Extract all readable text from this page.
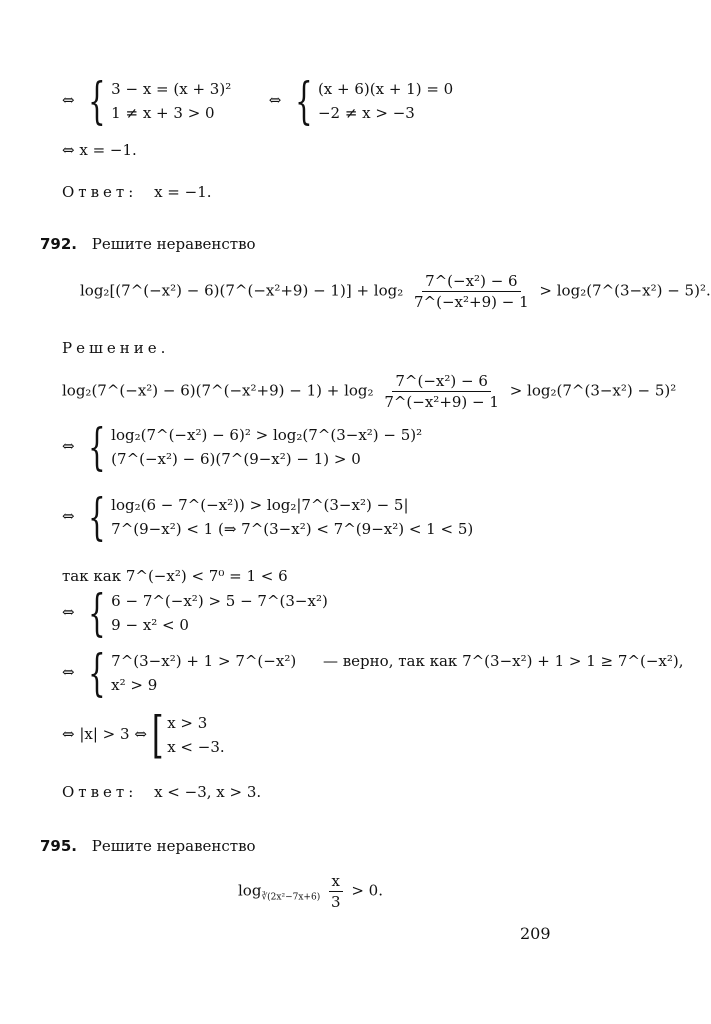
⇔ { 3 − x = (x + 3)²
1 ≠ x + 3 > 0
⇔ { (x + 6)(x + 1) = 0
−2 ≠ x > −3
⇔ x = −1.
Ответ: x = −1.
792. Решите неравенство
log₂[(7^(−x²) − 6)(7^(−x²+9) − $1)] + \log_2 \frac{\text{7\textasciicircum{}(−x²) − 6}}{\text{7\textasciicircum{}(−x²+9) − 1}}$ > log₂(7^(3−x²) − 5)².
Решение.
log₂(7^(−x²) − 6)(7^(−x²+9) − $1) + \log_2 \frac{\text{7\textasciicircum{}(−x²) − 6}}{\text{7\textasciicircum{}(−x²+9) − 1}}$ > log₂(7^(3−x²) − 5)²
⇔ { log₂(7^(−x²) − 6)² > log₂(7^(3−x²) − 5)²
(7^(−x²) − 6)(7^(9−x²) − 1) > 0
⇔ { log₂(6 − 7^(−x²)) > log₂|7^(3−x²) − 5|
7^(9−x²) < 1 (⇒ 7^(3−x²) < 7^(9−x²) < 1 < 5)
так как 7^(−x²) < 7⁰ = 1 < 6
⇔ { 6 − 7^(−x²) > 5 − 7^(3−x²)
9 − x² < 0
⇔ { 7^(3−x²) + 1 > 7^(−x²) — верно, так как 7^(3−x²) + 1 > 1 ≥ 7^(−x²),
x² > 9
⇔ |x| > 3 ⇔ [ x > 3
x < −3.
Ответ: x < −3, x > 3.
795. Решите неравенство
$\log_{∛(2x^2-7x+6)} \frac{x}{3} > 0$.
209
